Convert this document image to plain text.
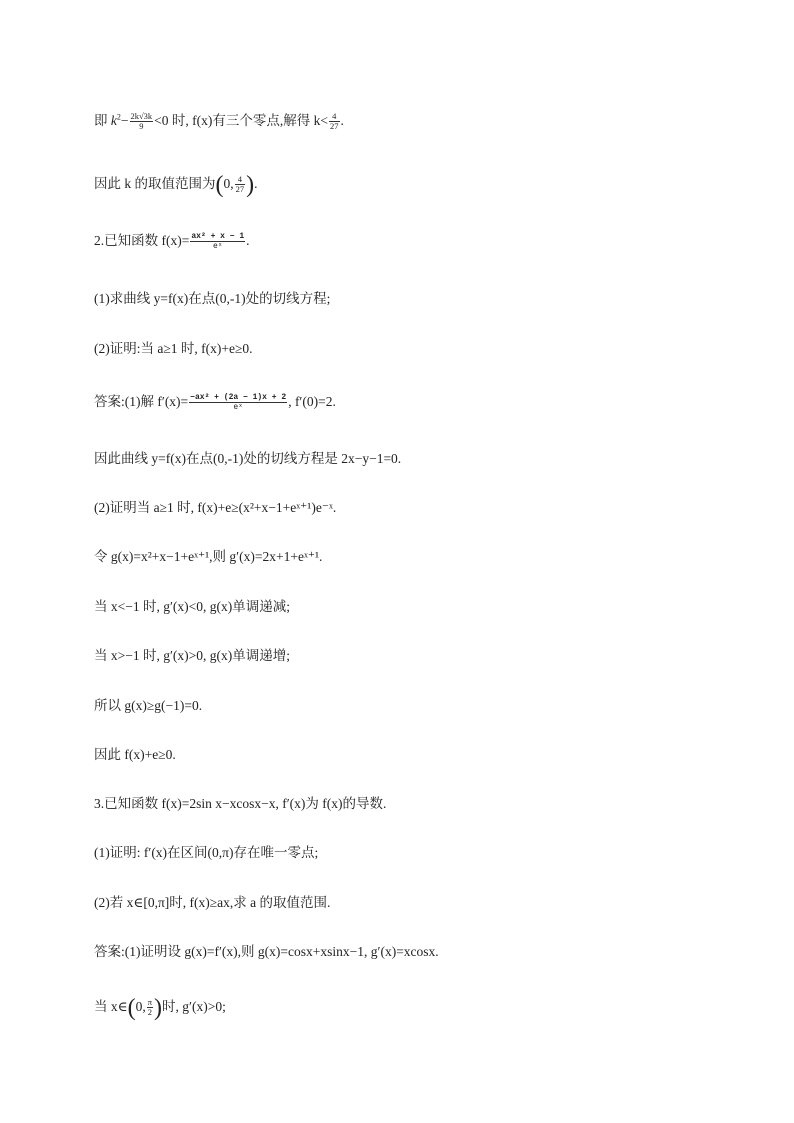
即 $k^2- \frac{2k√3k}{9} <0$ 时, f(x)有三个零点,解得 $k< \frac{4}{27}$ .
因此 k 的取值范围为(0, $\frac{4}{27}$ ).
2.已知函数 $f(x)= \frac{\text{ax² + x − 1}}{\text{eˣ}}$ .
(1)求曲线 y=f(x)在点(0,-1)处的切线方程;
(2)证明:当 a≥1 时, f(x)+e≥0.
答案:(1)解 $f'(x)= \frac{\text{−ax² + (2a − 1)x + 2}}{\text{eˣ}}$ , f′(0)=2.
因此曲线 y=f(x)在点(0,-1)处的切线方程是 2x−y−1=0.
(2)证明当 a≥1 时, f(x)+e≥(x²+x−1+eˣ⁺¹)e⁻ˣ.
令 g(x)=x²+x−1+eˣ⁺¹,则 g′(x)=2x+1+eˣ⁺¹.
当 x<−1 时, g′(x)<0, g(x)单调递减;
当 x>−1 时, g′(x)>0, g(x)单调递增;
所以 g(x)≥g(−1)=0.
因此 f(x)+e≥0.
3.已知函数 f(x)=2sin x−xcosx−x, f′(x)为 f(x)的导数.
(1)证明: f′(x)在区间(0,π)存在唯一零点;
(2)若 x∈[0,π]时, f(x)≥ax,求 a 的取值范围.
答案:(1)证明设 g(x)=f′(x),则 g(x)=cosx+xsinx−1, g′(x)=xcosx.
当 x∈(0, $\frac{\pi}{2}$ )时, g′(x)>0;
